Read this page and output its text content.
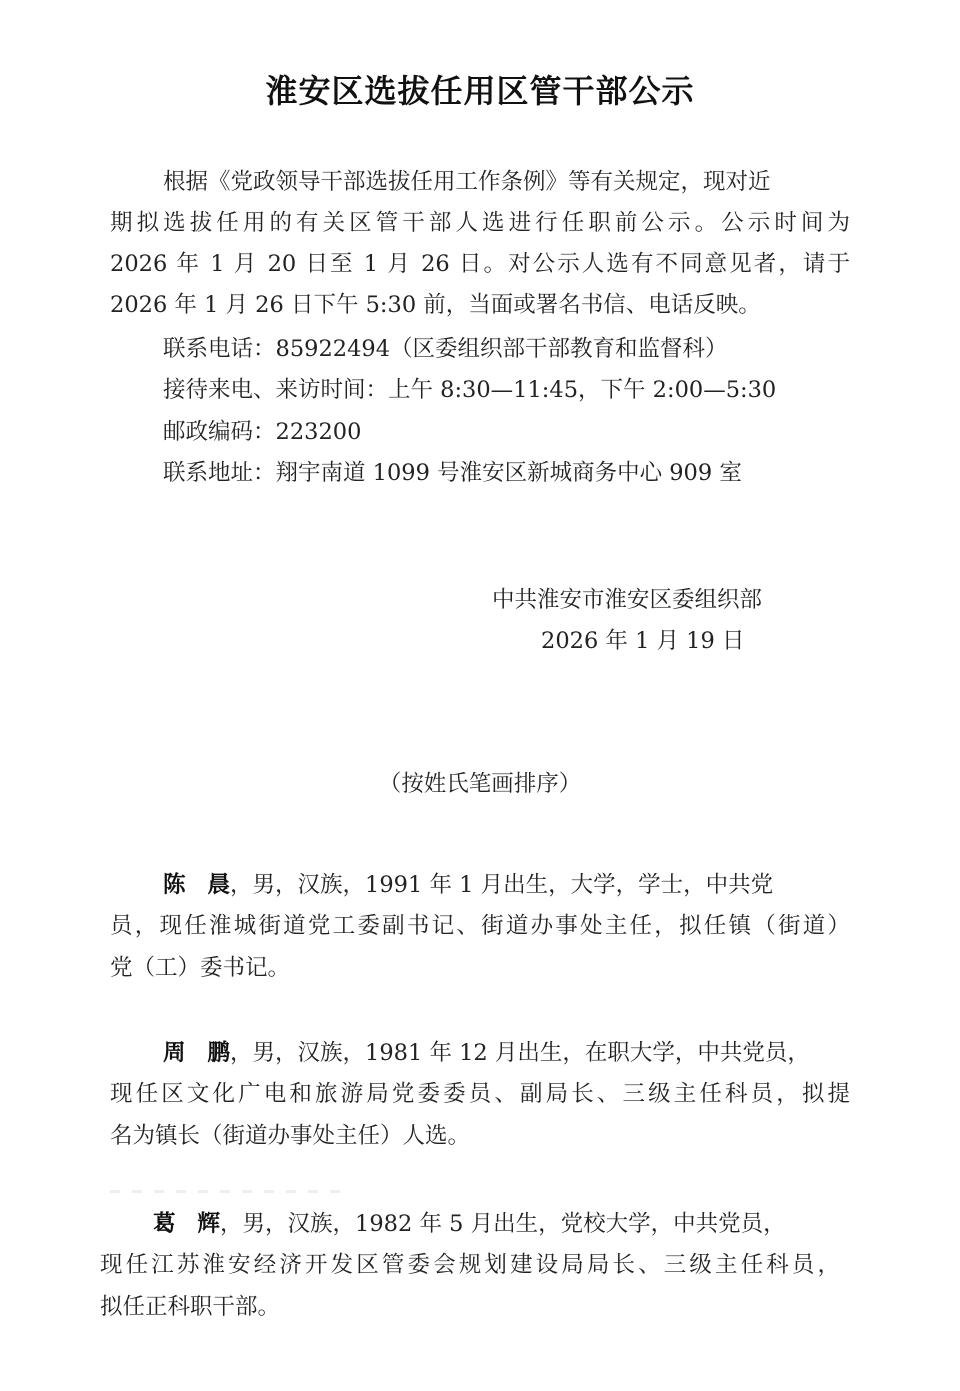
淮安区选拔任用区管干部公示
根据《党政领导干部选拔任用工作条例》等有关规定，现对近
期拟选拔任用的有关区管干部人选进行任职前公示。公示时间为
2026 年 1 月 20 日至 1 月 26 日。对公示人选有不同意见者，请于
2026 年 1 月 26 日下午 5:30 前，当面或署名书信、电话反映。
联系电话：85922494（区委组织部干部教育和监督科）
接待来电、来访时间：上午 8:30—11:45，下午 2:00—5:30
邮政编码：223200
联系地址：翔宇南道 1099 号淮安区新城商务中心 909 室
中共淮安市淮安区委组织部
2026 年 1 月 19 日
（按姓氏笔画排序）
陈 晨，男，汉族，1991 年 1 月出生，大学，学士，中共党
员，现任淮城街道党工委副书记、街道办事处主任，拟任镇（街道）
党（工）委书记。
周 鹏，男，汉族，1981 年 12 月出生，在职大学，中共党员，
现任区文化广电和旅游局党委委员、副局长、三级主任科员，拟提
名为镇长（街道办事处主任）人选。
葛 辉，男，汉族，1982 年 5 月出生，党校大学，中共党员，
现任江苏淮安经济开发区管委会规划建设局局长、三级主任科员，
拟任正科职干部。
